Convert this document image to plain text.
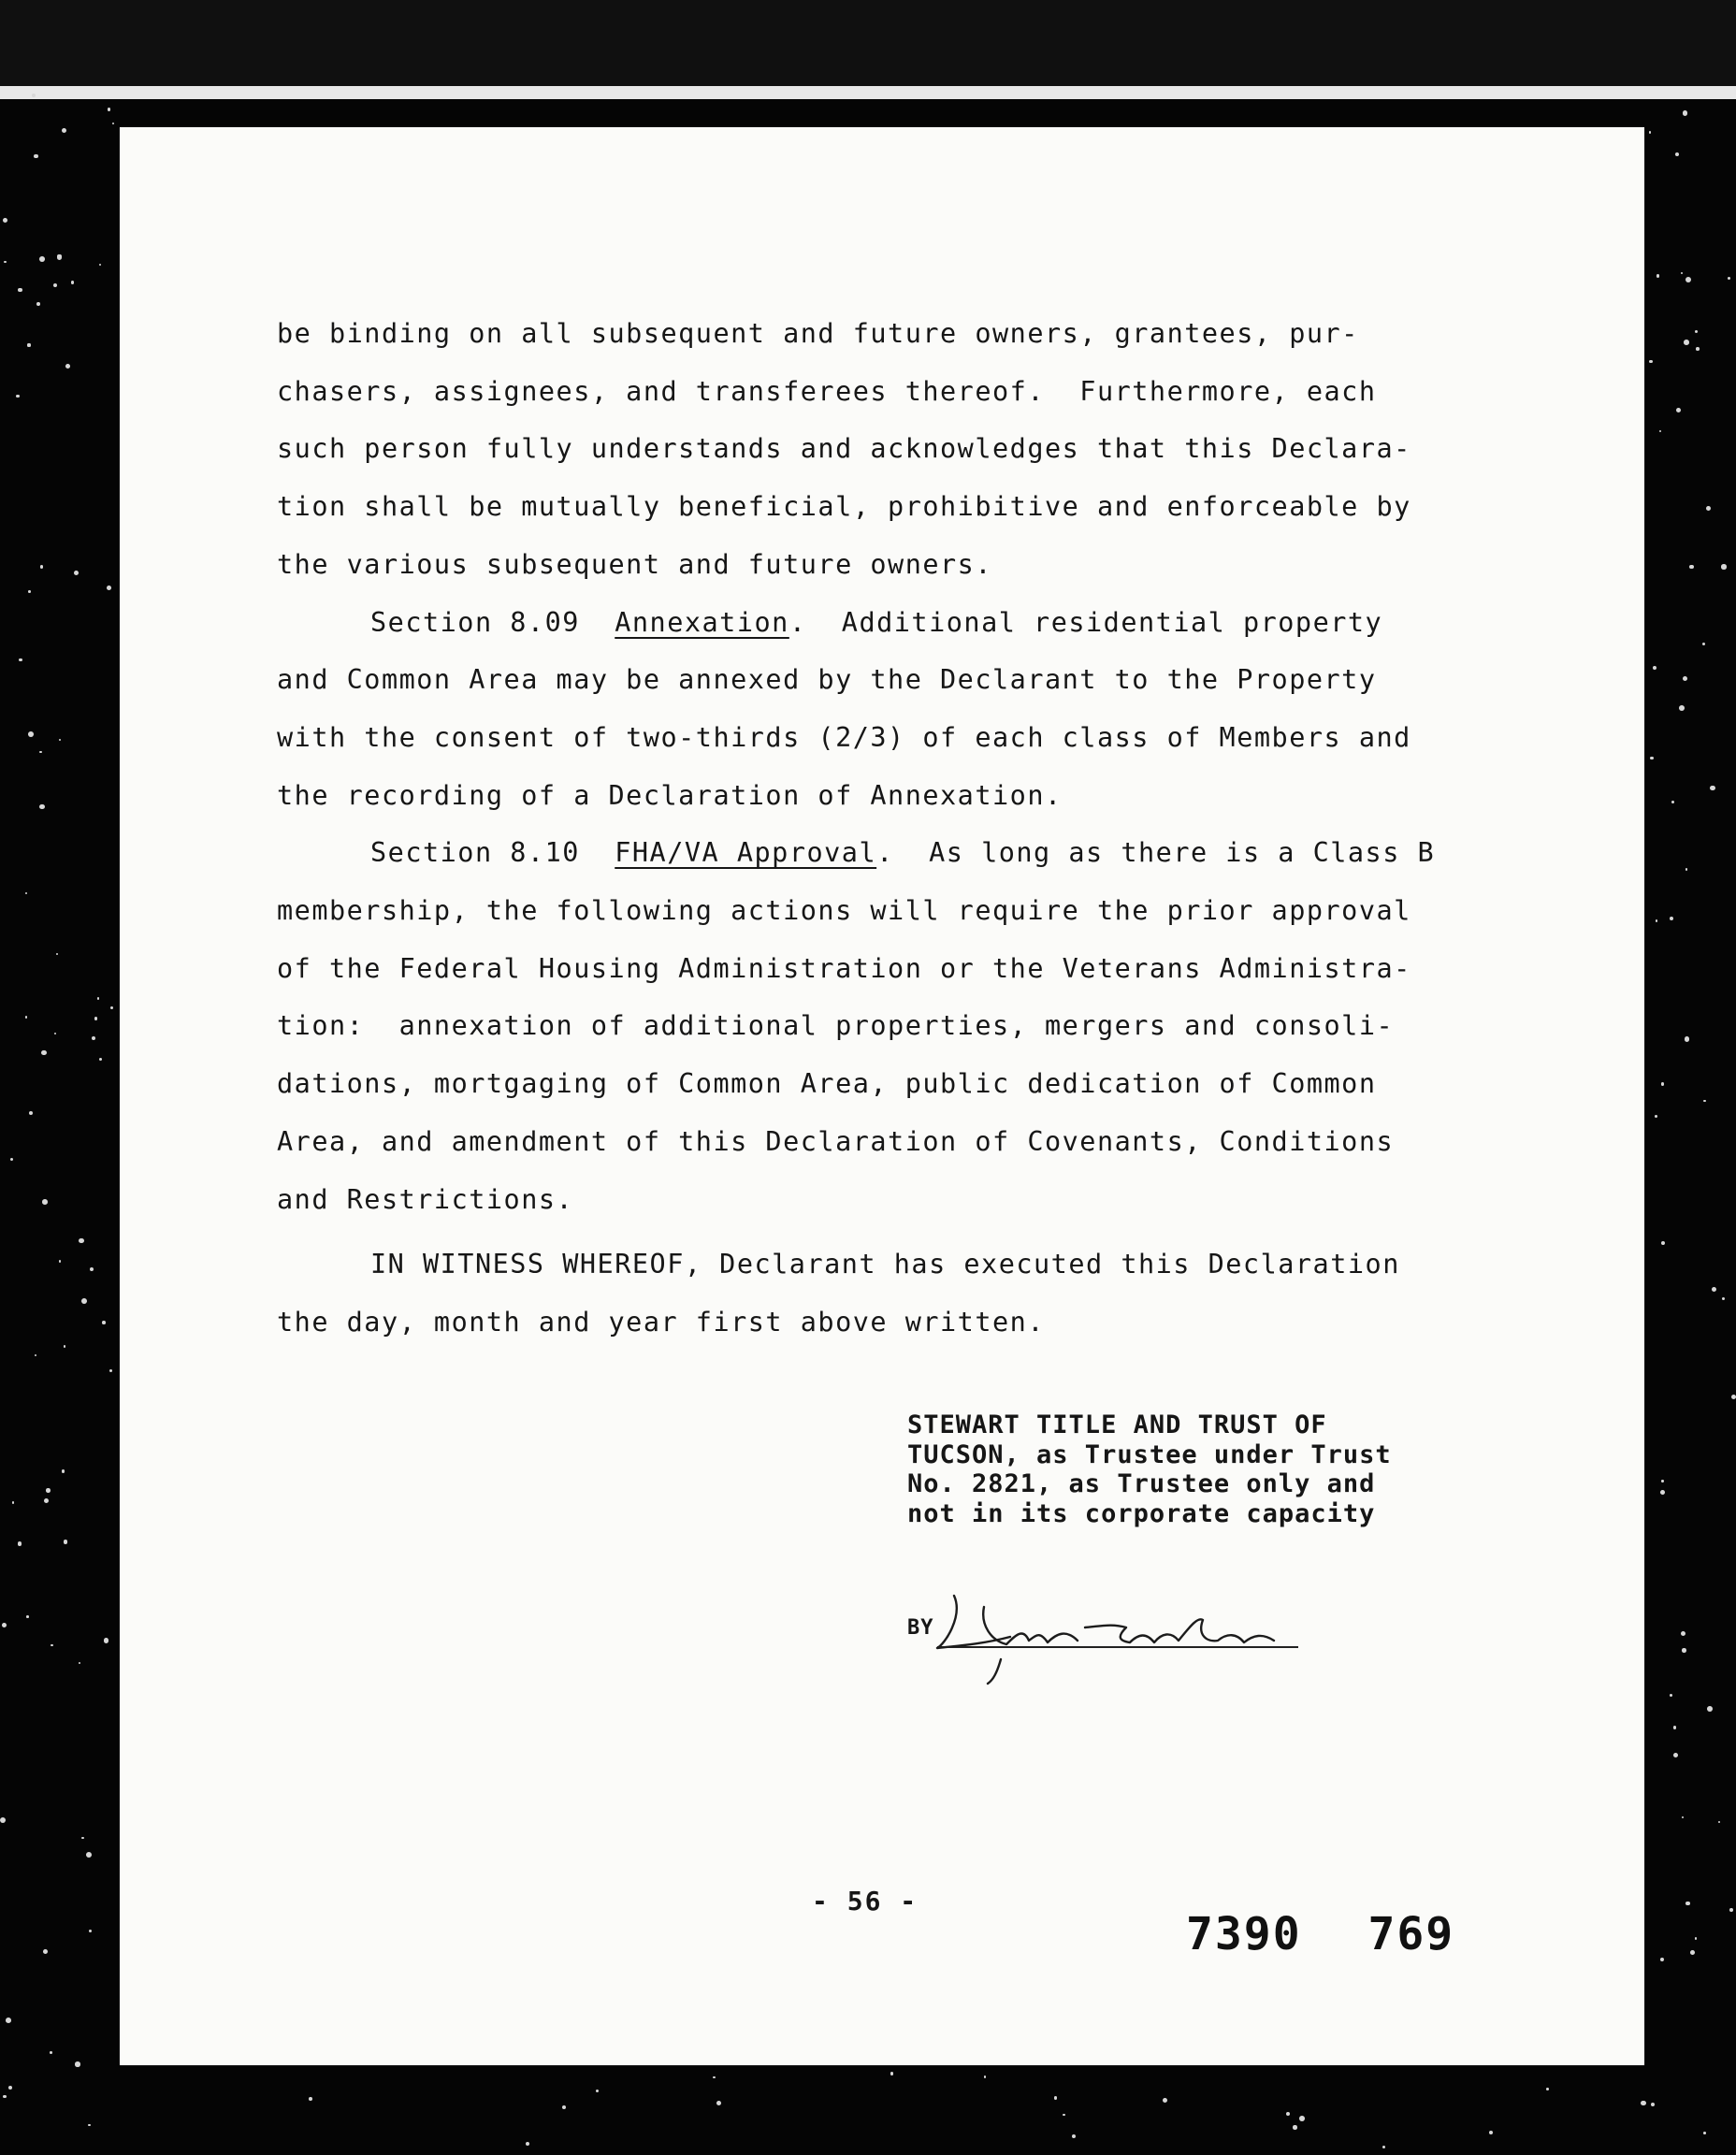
be binding on all subsequent and future owners, grantees, pur-

chasers, assignees, and transferees thereof.  Furthermore, each

such person fully understands and acknowledges that this Declara-

tion shall be mutually beneficial, prohibitive and enforceable by

the various subsequent and future owners.

Section 8.09 Annexation.  Additional residential property

and Common Area may be annexed by the Declarant to the Property

with the consent of two-thirds (2/3) of each class of Members and

the recording of a Declaration of Annexation.

Section 8.10 FHA/VA Approval.  As long as there is a Class B

membership, the following actions will require the prior approval

of the Federal Housing Administration or the Veterans Administra-

tion:  annexation of additional properties, mergers and consoli-

dations, mortgaging of Common Area, public dedication of Common

Area, and amendment of this Declaration of Covenants, Conditions

and Restrictions.

IN WITNESS WHEREOF, Declarant has executed this Declaration

the day, month and year first above written.

STEWART TITLE AND TRUST OF

TUCSON, as Trustee under Trust

No. 2821, as Trustee only and

not in its corporate capacity

BY
- 56 -
7390 769
